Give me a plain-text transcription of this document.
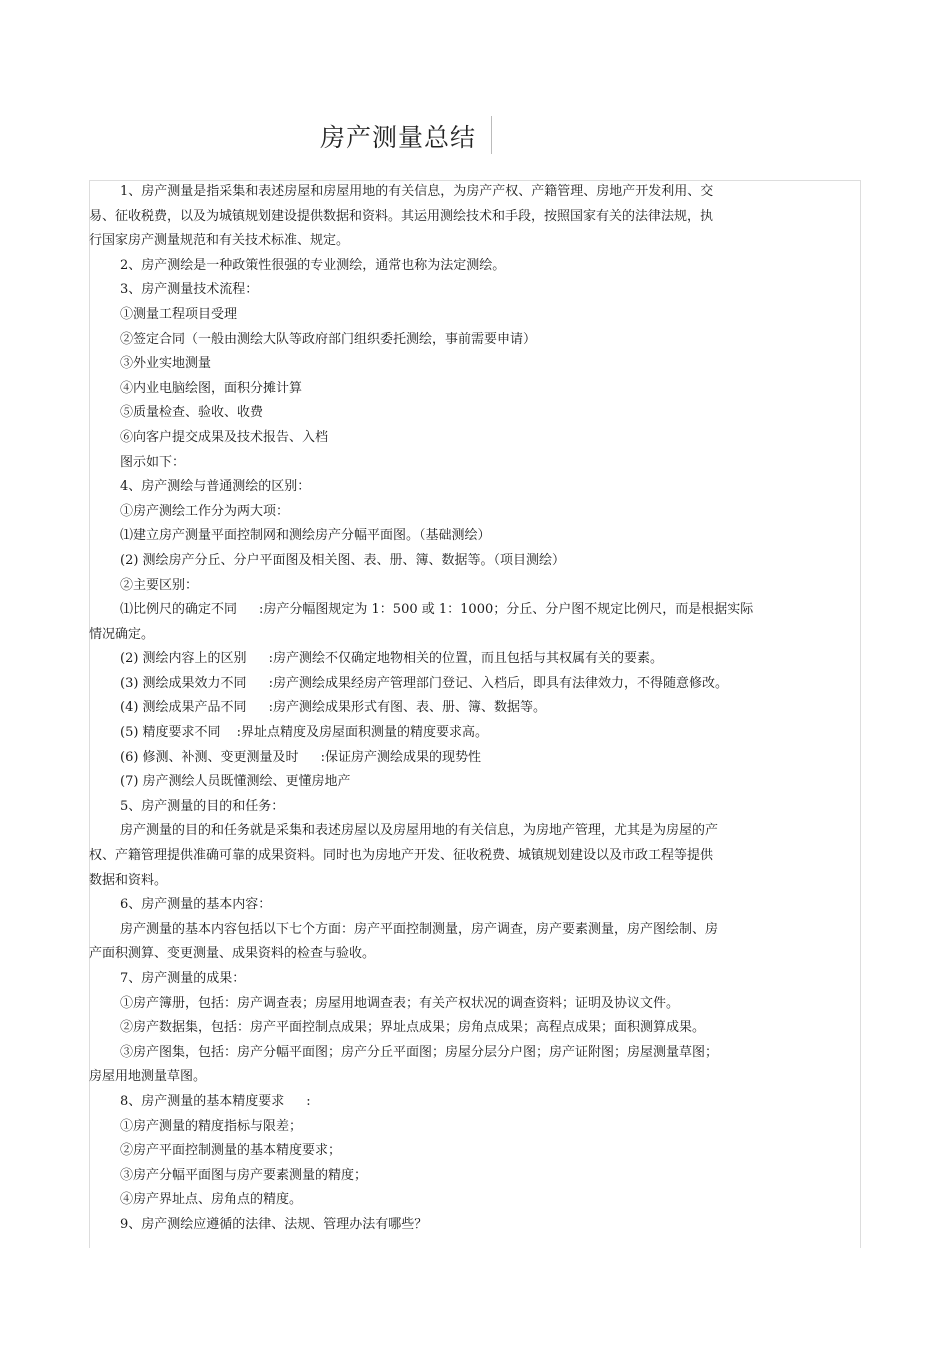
房产测量总结

1、房产测量是指采集和表述房屋和房屋用地的有关信息，为房产产权、产籍管理、房地产开发利用、交

易、征收税费，以及为城镇规划建设提供数据和资料。其运用测绘技术和手段，按照国家有关的法律法规，执

行国家房产测量规范和有关技术标准、规定。

2、房产测绘是一种政策性很强的专业测绘，通常也称为法定测绘。

3、房产测量技术流程：

①测量工程项目受理

②签定合同（一般由测绘大队等政府部门组织委托测绘，事前需要申请）

③外业实地测量

④内业电脑绘图，面积分摊计算

⑤质量检查、验收、收费

⑥向客户提交成果及技术报告、入档

图示如下：

4、房产测绘与普通测绘的区别：

①房产测绘工作分为两大项：

⑴建立房产测量平面控制网和测绘房产分幅平面图。（基础测绘）

(2) 测绘房产分丘、分户平面图及相关图、表、册、簿、数据等。（项目测绘）

②主要区别：

⑴比例尺的确定不同 :房产分幅图规定为 1：500 或 1：1000；分丘、分户图不规定比例尺，而是根据实际

情况确定。

(2) 测绘内容上的区别 :房产测绘不仅确定地物相关的位置，而且包括与其权属有关的要素。

(3) 测绘成果效力不同 :房产测绘成果经房产管理部门登记、入档后，即具有法律效力，不得随意修改。

(4) 测绘成果产品不同 :房产测绘成果形式有图、表、册、簿、数据等。

(5) 精度要求不同 :界址点精度及房屋面积测量的精度要求高。

(6) 修测、补测、变更测量及时 :保证房产测绘成果的现势性

(7) 房产测绘人员既懂测绘、更懂房地产

5、房产测量的目的和任务：

房产测量的目的和任务就是采集和表述房屋以及房屋用地的有关信息，为房地产管理，尤其是为房屋的产

权、产籍管理提供准确可靠的成果资料。同时也为房地产开发、征收税费、城镇规划建设以及市政工程等提供

数据和资料。

6、房产测量的基本内容：

房产测量的基本内容包括以下七个方面：房产平面控制测量，房产调查，房产要素测量，房产图绘制、房

产面积测算、变更测量、成果资料的检查与验收。

7、房产测量的成果：

①房产簿册，包括：房产调查表；房屋用地调查表；有关产权状况的调查资料；证明及协议文件。

②房产数据集，包括：房产平面控制点成果；界址点成果；房角点成果；高程点成果；面积测算成果。

③房产图集，包括：房产分幅平面图；房产分丘平面图；房屋分层分户图；房产证附图；房屋测量草图；

房屋用地测量草图。

8、房产测量的基本精度要求 :

①房产测量的精度指标与限差；

②房产平面控制测量的基本精度要求；

③房产分幅平面图与房产要素测量的精度；

④房产界址点、房角点的精度。

9、房产测绘应遵循的法律、法规、管理办法有哪些？
